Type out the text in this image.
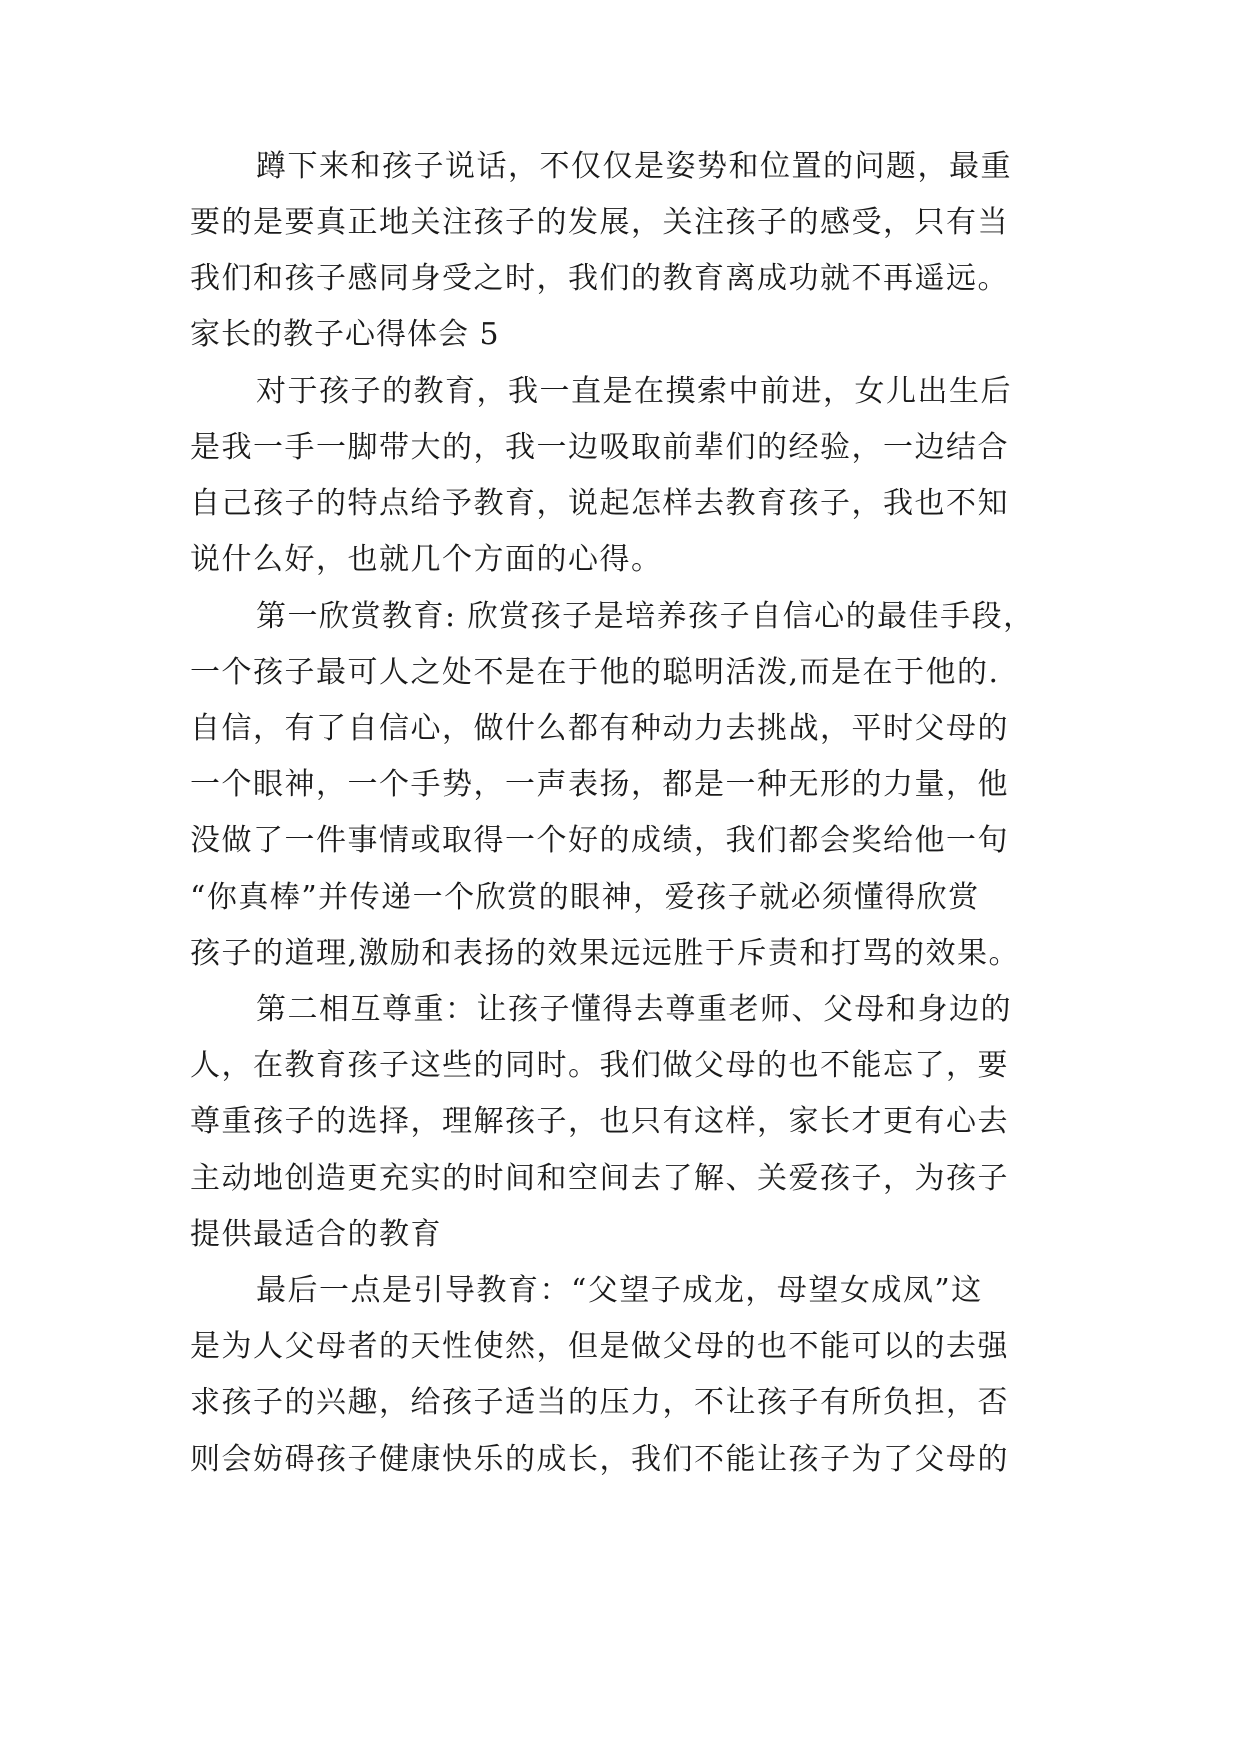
蹲下来和孩子说话，不仅仅是姿势和位置的问题，最重
要的是要真正地关注孩子的发展，关注孩子的感受，只有当
我们和孩子感同身受之时，我们的教育离成功就不再遥远。
家长的教子心得体会 5
对于孩子的教育，我一直是在摸索中前进，女儿出生后
是我一手一脚带大的，我一边吸取前辈们的经验，一边结合
自己孩子的特点给予教育，说起怎样去教育孩子，我也不知
说什么好，也就几个方面的心得。
第一欣赏教育: 欣赏孩子是培养孩子自信心的最佳手段，
一个孩子最可人之处不是在于他的聪明活泼,而是在于他的.
自信，有了自信心，做什么都有种动力去挑战，平时父母的
一个眼神，一个手势，一声表扬，都是一种无形的力量，他
没做了一件事情或取得一个好的成绩，我们都会奖给他一句
“你真棒”并传递一个欣赏的眼神，爱孩子就必须懂得欣赏
孩子的道理,激励和表扬的效果远远胜于斥责和打骂的效果。
第二相互尊重：让孩子懂得去尊重老师、父母和身边的
人，在教育孩子这些的同时。我们做父母的也不能忘了，要
尊重孩子的选择，理解孩子，也只有这样，家长才更有心去
主动地创造更充实的时间和空间去了解、关爱孩子，为孩子
提供最适合的教育
最后一点是引导教育：“父望子成龙，母望女成凤”这
是为人父母者的天性使然，但是做父母的也不能可以的去强
求孩子的兴趣，给孩子适当的压力，不让孩子有所负担，否
则会妨碍孩子健康快乐的成长，我们不能让孩子为了父母的
